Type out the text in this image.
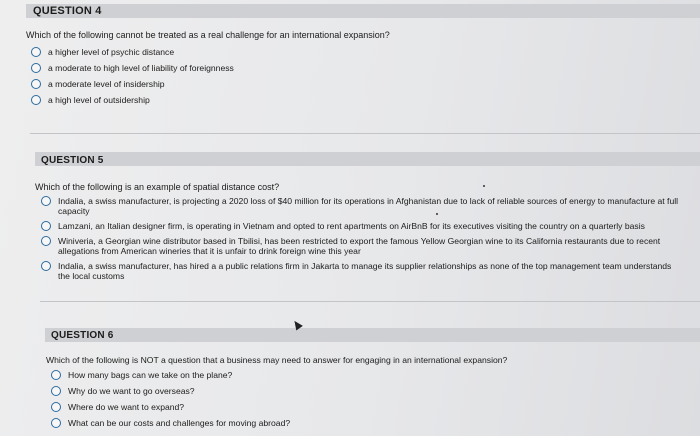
QUESTION 4
Which of the following cannot be treated as a real challenge for an international expansion?
a higher level of psychic distance
a moderate to high level of liability of foreignness
a moderate level of insidership
a high level of outsidership
QUESTION 5
Which of the following is an example of spatial distance cost?
Indalia, a swiss manufacturer, is projecting a 2020 loss of $40 million for its operations in Afghanistan due to lack of reliable sources of energy to manufacture at full capacity
Lamzani, an Italian designer firm, is operating in Vietnam and opted to rent apartments on AirBnB for its executives visiting the country on a quarterly basis
Winiveria, a Georgian wine distributor based in Tbilisi, has been restricted to export the famous Yellow Georgian wine to its California restaurants due to recent allegations from American wineries that it is unfair to drink foreign wine this year
Indalia, a swiss manufacturer, has hired a a public relations firm in Jakarta to manage its supplier relationships as none of the top management team understands the local customs
QUESTION 6
Which of the following is NOT a question that a business may need to answer for engaging in an international expansion?
How many bags can we take on the plane?
Why do we want to go overseas?
Where do we want to expand?
What can be our costs and challenges for moving abroad?
